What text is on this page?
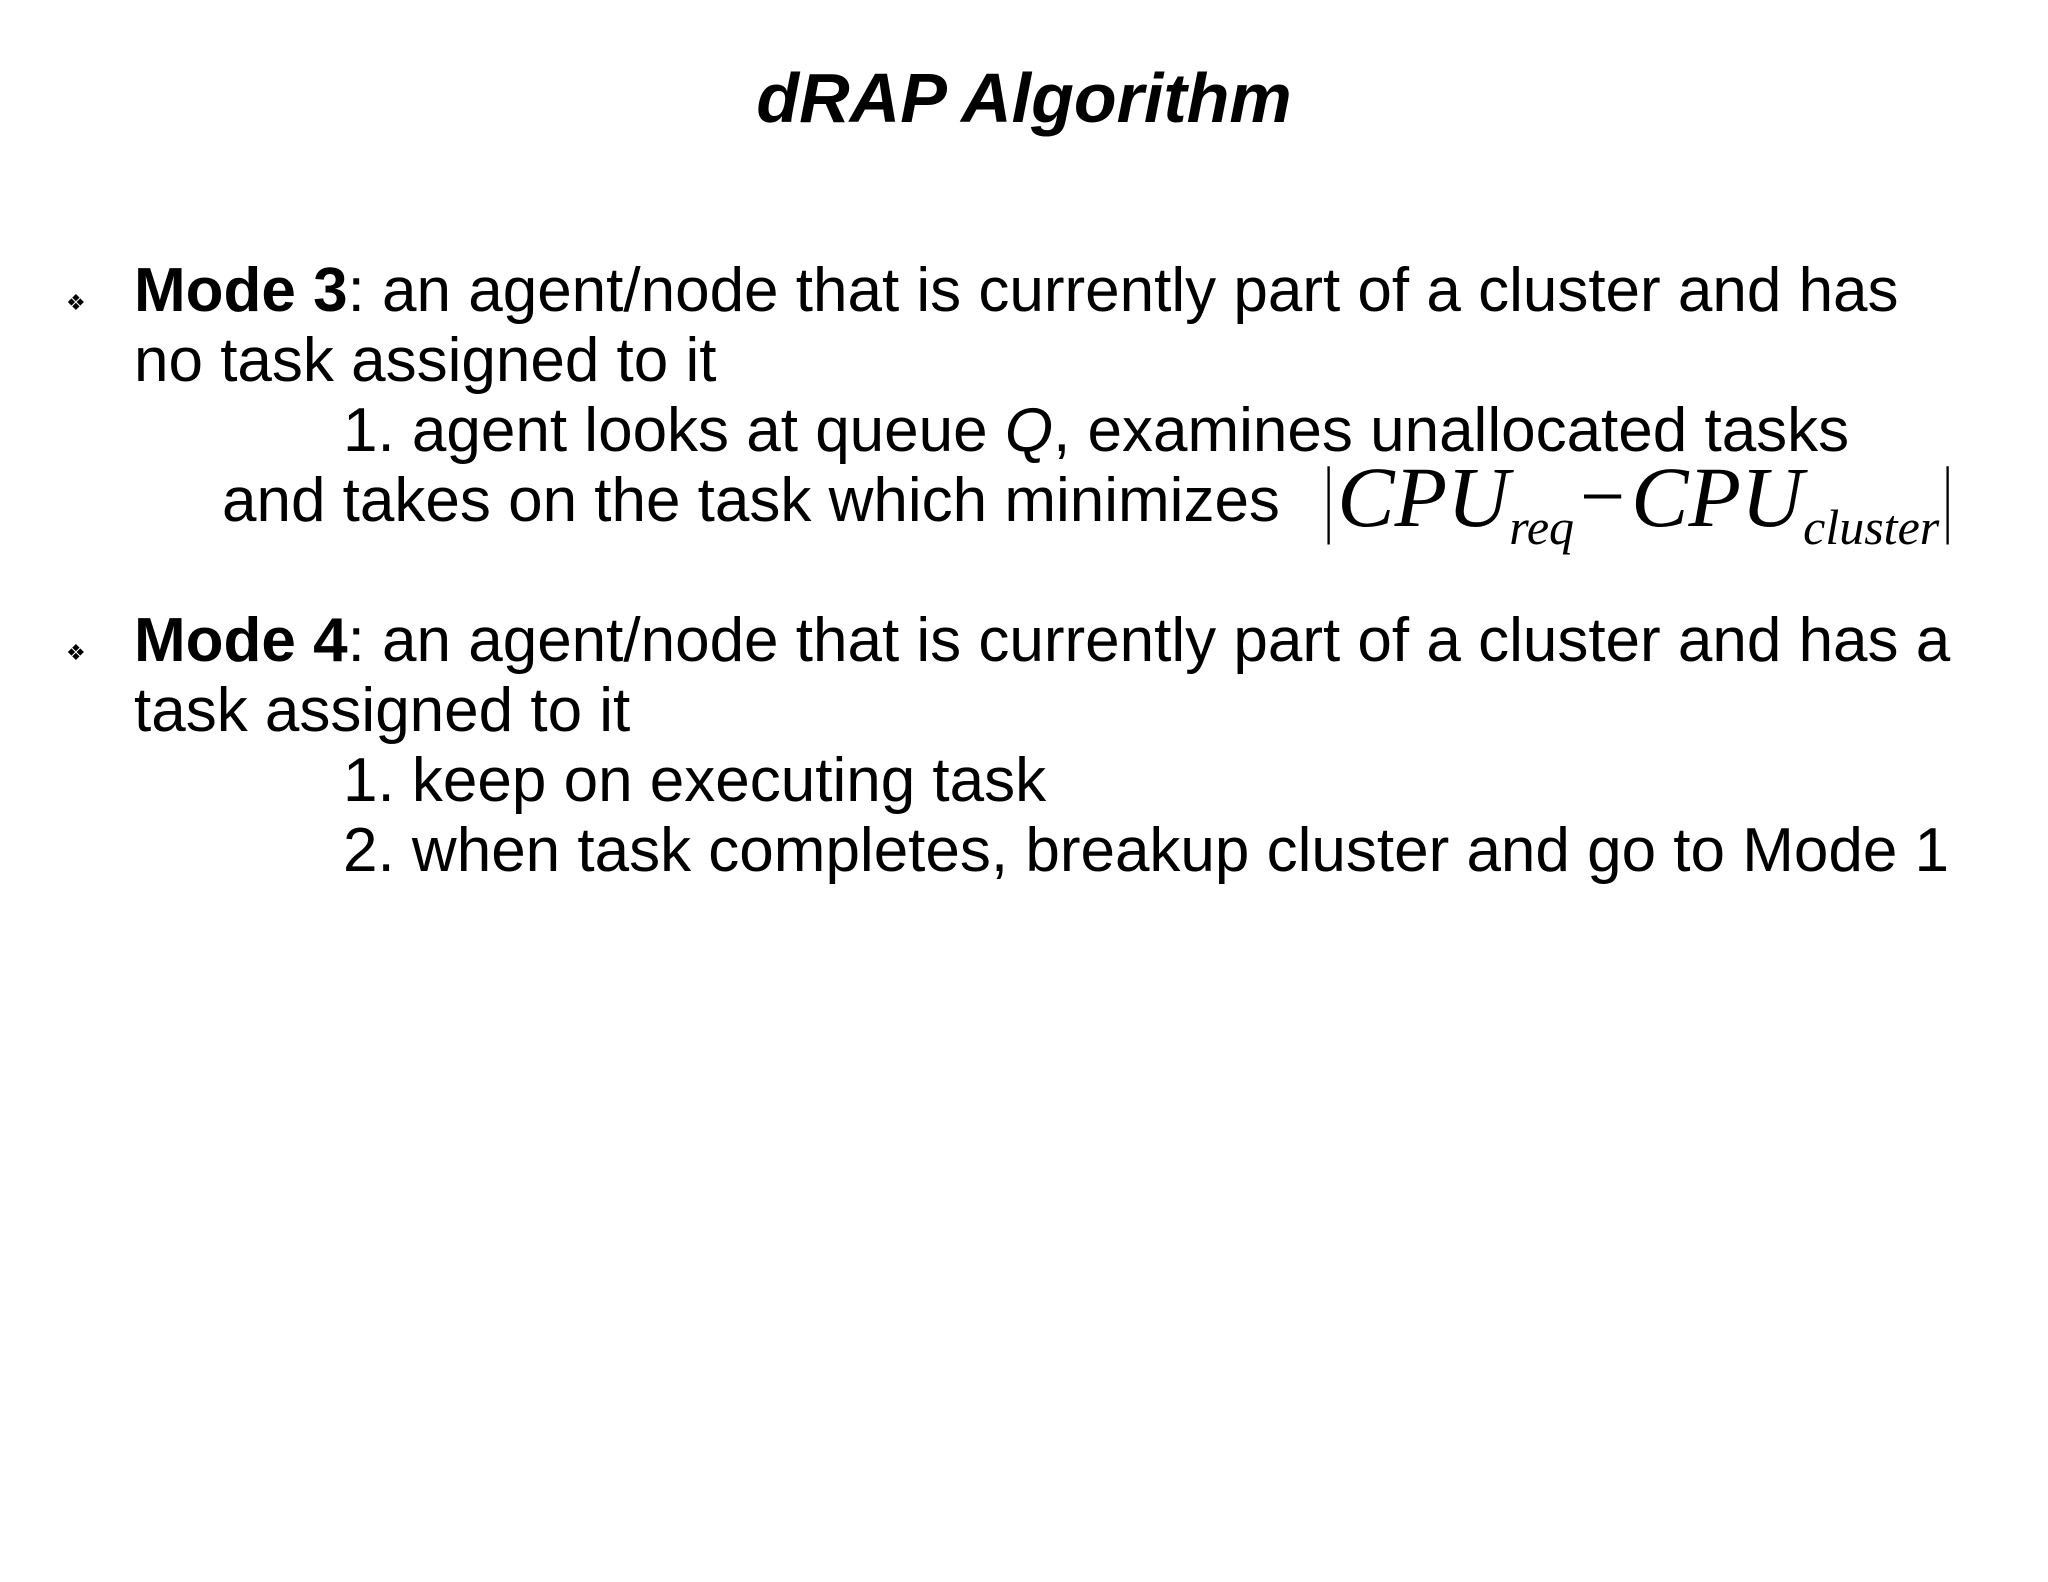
dRAP Algorithm
❖ Mode 3: an agent/node that is currently part of a cluster and has
no task assigned to it
1. agent looks at queue Q, examines unallocated tasks
and takes on the task which minimizes |CPUreq−CPUcluster|
❖ Mode 4: an agent/node that is currently part of a cluster and has a
task assigned to it
1. keep on executing task
2. when task completes, breakup cluster and go to Mode 1
